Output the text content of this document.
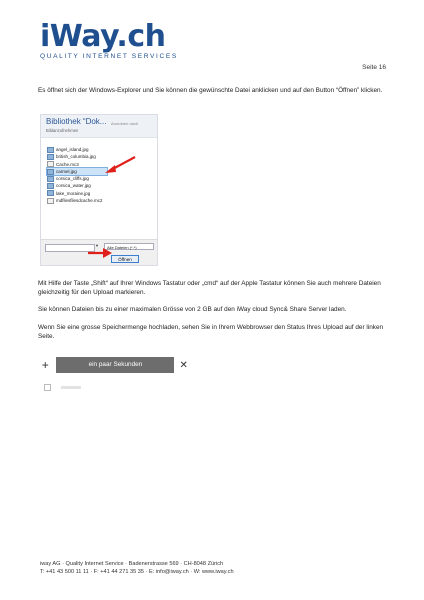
iWay.ch
QUALITY INTERNET SERVICES
Seite 16

Es öffnet sich der Windows-Explorer und Sie können die gewünschte Datei anklicken und auf den Button “Öffnen” klicken.

Bibliothek “Dok...
Bildanzufnehmen
Anordnen nach
angel_island.jpg
british_columbia.jpg
Cache.mc3
carmel.jpg
corsica_cliffs.jpg
corsica_water.jpg
lake_moraine.jpg
mdfilesfilesdcache.mc2
▼	Alle Dateien (*.*)
Öffnen

Mit Hilfe der Taste „Shift“ auf Ihrer Windows Tastatur oder „cmd“ auf der Apple Tastatur können Sie auch mehrere Dateien gleichzeitig für den Upload markieren.

Sie können Dateien bis zu einer maximalen Grösse von 2 GB auf den iWay cloud Sync& Share Server laden.

Wenn Sie eine grosse Speichermenge hochladen, sehen Sie in Ihrem Webbrowser den Status Ihres Upload auf der linken Seite.

+	ein paar Sekunden	✕
iway AG · Quality Internet Service · Badenerstrasse 569 · CH-8048 Zürich
T: +41 43 500 11 11 · F: +41 44 271 35 35 · E: info@iway.ch · W: www.iway.ch
